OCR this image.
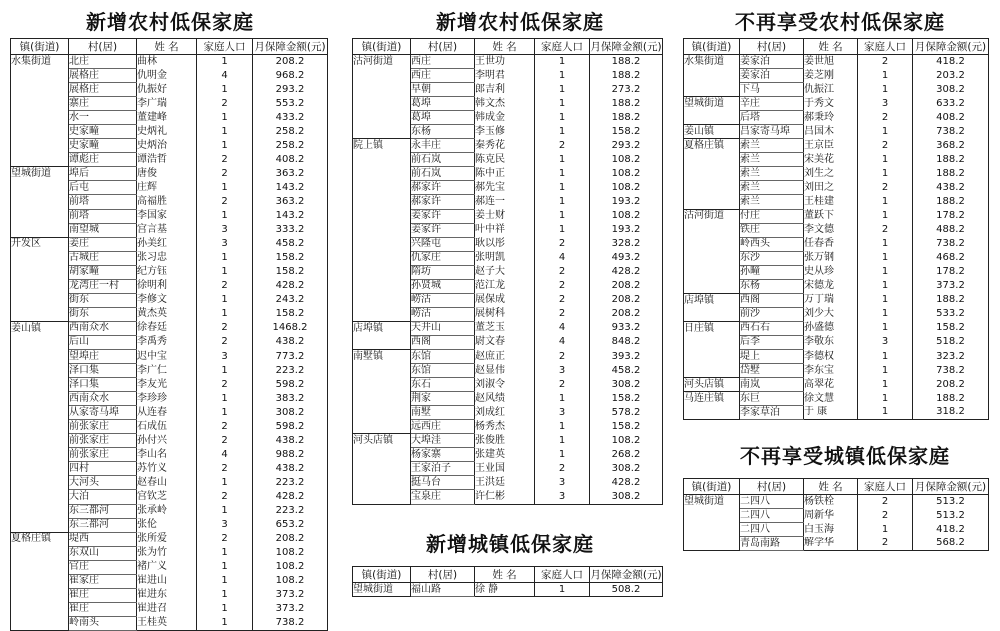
新增农村低保家庭	新增农村低保家庭	不再享受农村低保家庭
新增城镇低保家庭
不再享受城镇低保家庭
镇(街道)	村(居)	姓 名	家庭人口	月保障金额(元)
水集街道	北庄	曲林	1	208.2
	展格庄	仇明金	4	968.2
	展格庄	仇振好	1	293.2
	寨庄	李广瑞	2	553.2
	水一	董建峰	1	433.2
	史家疃	史炳礼	1	258.2
	史家疃	史炳治	1	258.2
	谭彪庄	谭浩哲	2	408.2
望城街道	埠后	唐俊	2	363.2
	后屯	庄辉	1	143.2
	前塔	高福胜	2	363.2
	前塔	李国家	1	143.2
	南望城	宫言基	3	333.2
开发区	姜庄	孙美红	3	458.2
	古城庄	张习忠	1	158.2
	胡家疃	纪方钰	1	158.2
	龙湾庄一村	徐明利	2	428.2
	街东	李修文	1	243.2
	街东	黄杰英	1	158.2
姜山镇	西南众水	徐春廷	2	1468.2
	后山	李禹秀	2	438.2
	望埠庄	迟中宝	3	773.2
	泽口集	李广仁	1	223.2
	泽口集	李友光	2	598.2
	西南众水	李珍珍	1	383.2
	从家寄马埠	从连春	1	308.2
	前张家庄	石成伍	2	598.2
	前张家庄	孙付兴	2	438.2
	前张家庄	李山名	4	988.2
	四村	苏竹义	2	438.2
	大河头	赵春山	1	223.2
	大泊	宫钦芝	2	428.2
	东三都河	张承岭	1	223.2
	东三都河	张伦	3	653.2
夏格庄镇	堤西	张所爱	2	208.2
	东双山	张为竹	1	108.2
	官庄	褚广义	1	108.2
	崔家庄	崔进山	1	108.2
	崔庄	崔进东	1	373.2
	崔庄	崔进召	1	373.2
	岭南头	王桂英	1	738.2
镇(街道)	村(居)	姓 名	家庭人口	月保障金额(元)
沽河街道	西庄	王世功	1	188.2
	西庄	李明君	1	188.2
	早朝	郎吉利	1	273.2
	葛埠	韩文杰	1	188.2
	葛埠	韩成金	1	188.2
	东杨	李玉修	1	158.2
院上镇	永丰庄	秦秀花	2	293.2
	前石岚	陈克民	1	108.2
	前石岚	陈中正	1	108.2
	郝家许	郝先宝	1	108.2
	郝家许	郝连一	1	193.2
	姜家许	姜士财	1	108.2
	姜家许	叶中祥	1	193.2
	兴隆屯	耿以彤	2	328.2
	仇家庄	张明凯	4	493.2
	隋坊	赵子大	2	428.2
	孙贤城	范江龙	2	208.2
	崂沽	展保成	2	208.2
	崂沽	展树科	2	208.2
店埠镇	天井山	董芝玉	4	933.2
	西阁	尉文春	4	848.2
南墅镇	东馆	赵庶正	2	393.2
	东馆	赵显伟	3	458.2
	东石	刘淑令	2	308.2
	荆家	赵风绩	1	158.2
	南墅	刘成红	3	578.2
	远西庄	杨秀杰	1	158.2
河头店镇	大埠洼	张俊胜	1	108.2
	杨家寨	张建英	1	268.2
	王家泊子	王业国	2	308.2
	挺马台	王洪廷	3	428.2
	宝泉庄	许仁彬	3	308.2
镇(街道)	村(居)	姓 名	家庭人口	月保障金额(元)
望城街道	福山路	徐 静	1	508.2
镇(街道)	村(居)	姓 名	家庭人口	月保障金额(元)
水集街道	姜家泊	姜世旭	2	418.2
	姜家泊	姜芝刚	1	203.2
	下马	仇振江	1	308.2
望城街道	辛庄	于秀文	3	633.2
	后塔	郝秉玲	2	408.2
姜山镇	吕家寄马埠	吕国木	1	738.2
夏格庄镇	索兰	王京臣	2	368.2
	索兰	宋美花	1	188.2
	索兰	刘生之	1	188.2
	索兰	刘田之	2	438.2
	索兰	王桂建	1	188.2
沽河街道	付庄	董跃下	1	178.2
	铁庄	李文德	2	488.2
	岭西头	任春香	1	738.2
	东沙	张万钢	1	468.2
	孙疃	史从珍	1	178.2
	东杨	宋德龙	1	373.2
店埠镇	西阁	万丁瑞	1	188.2
	前沙	刘少大	1	533.2
日庄镇	西石右	孙盛德	1	158.2
	后李	李敬东	3	518.2
	堤上	李德权	1	323.2
	岱墅	李东宝	1	738.2
河头店镇	南岚	高翠花	1	208.2
马连庄镇	东巨	徐文慧	1	188.2
	李家草泊	于 康	1	318.2
镇(街道)	村(居)	姓 名	家庭人口	月保障金额(元)
望城街道	二四八	杨铁栓	2	513.2
	二四八	周新华	2	513.2
	二四八	白玉海	1	418.2
	青岛南路	解学华	2	568.2
